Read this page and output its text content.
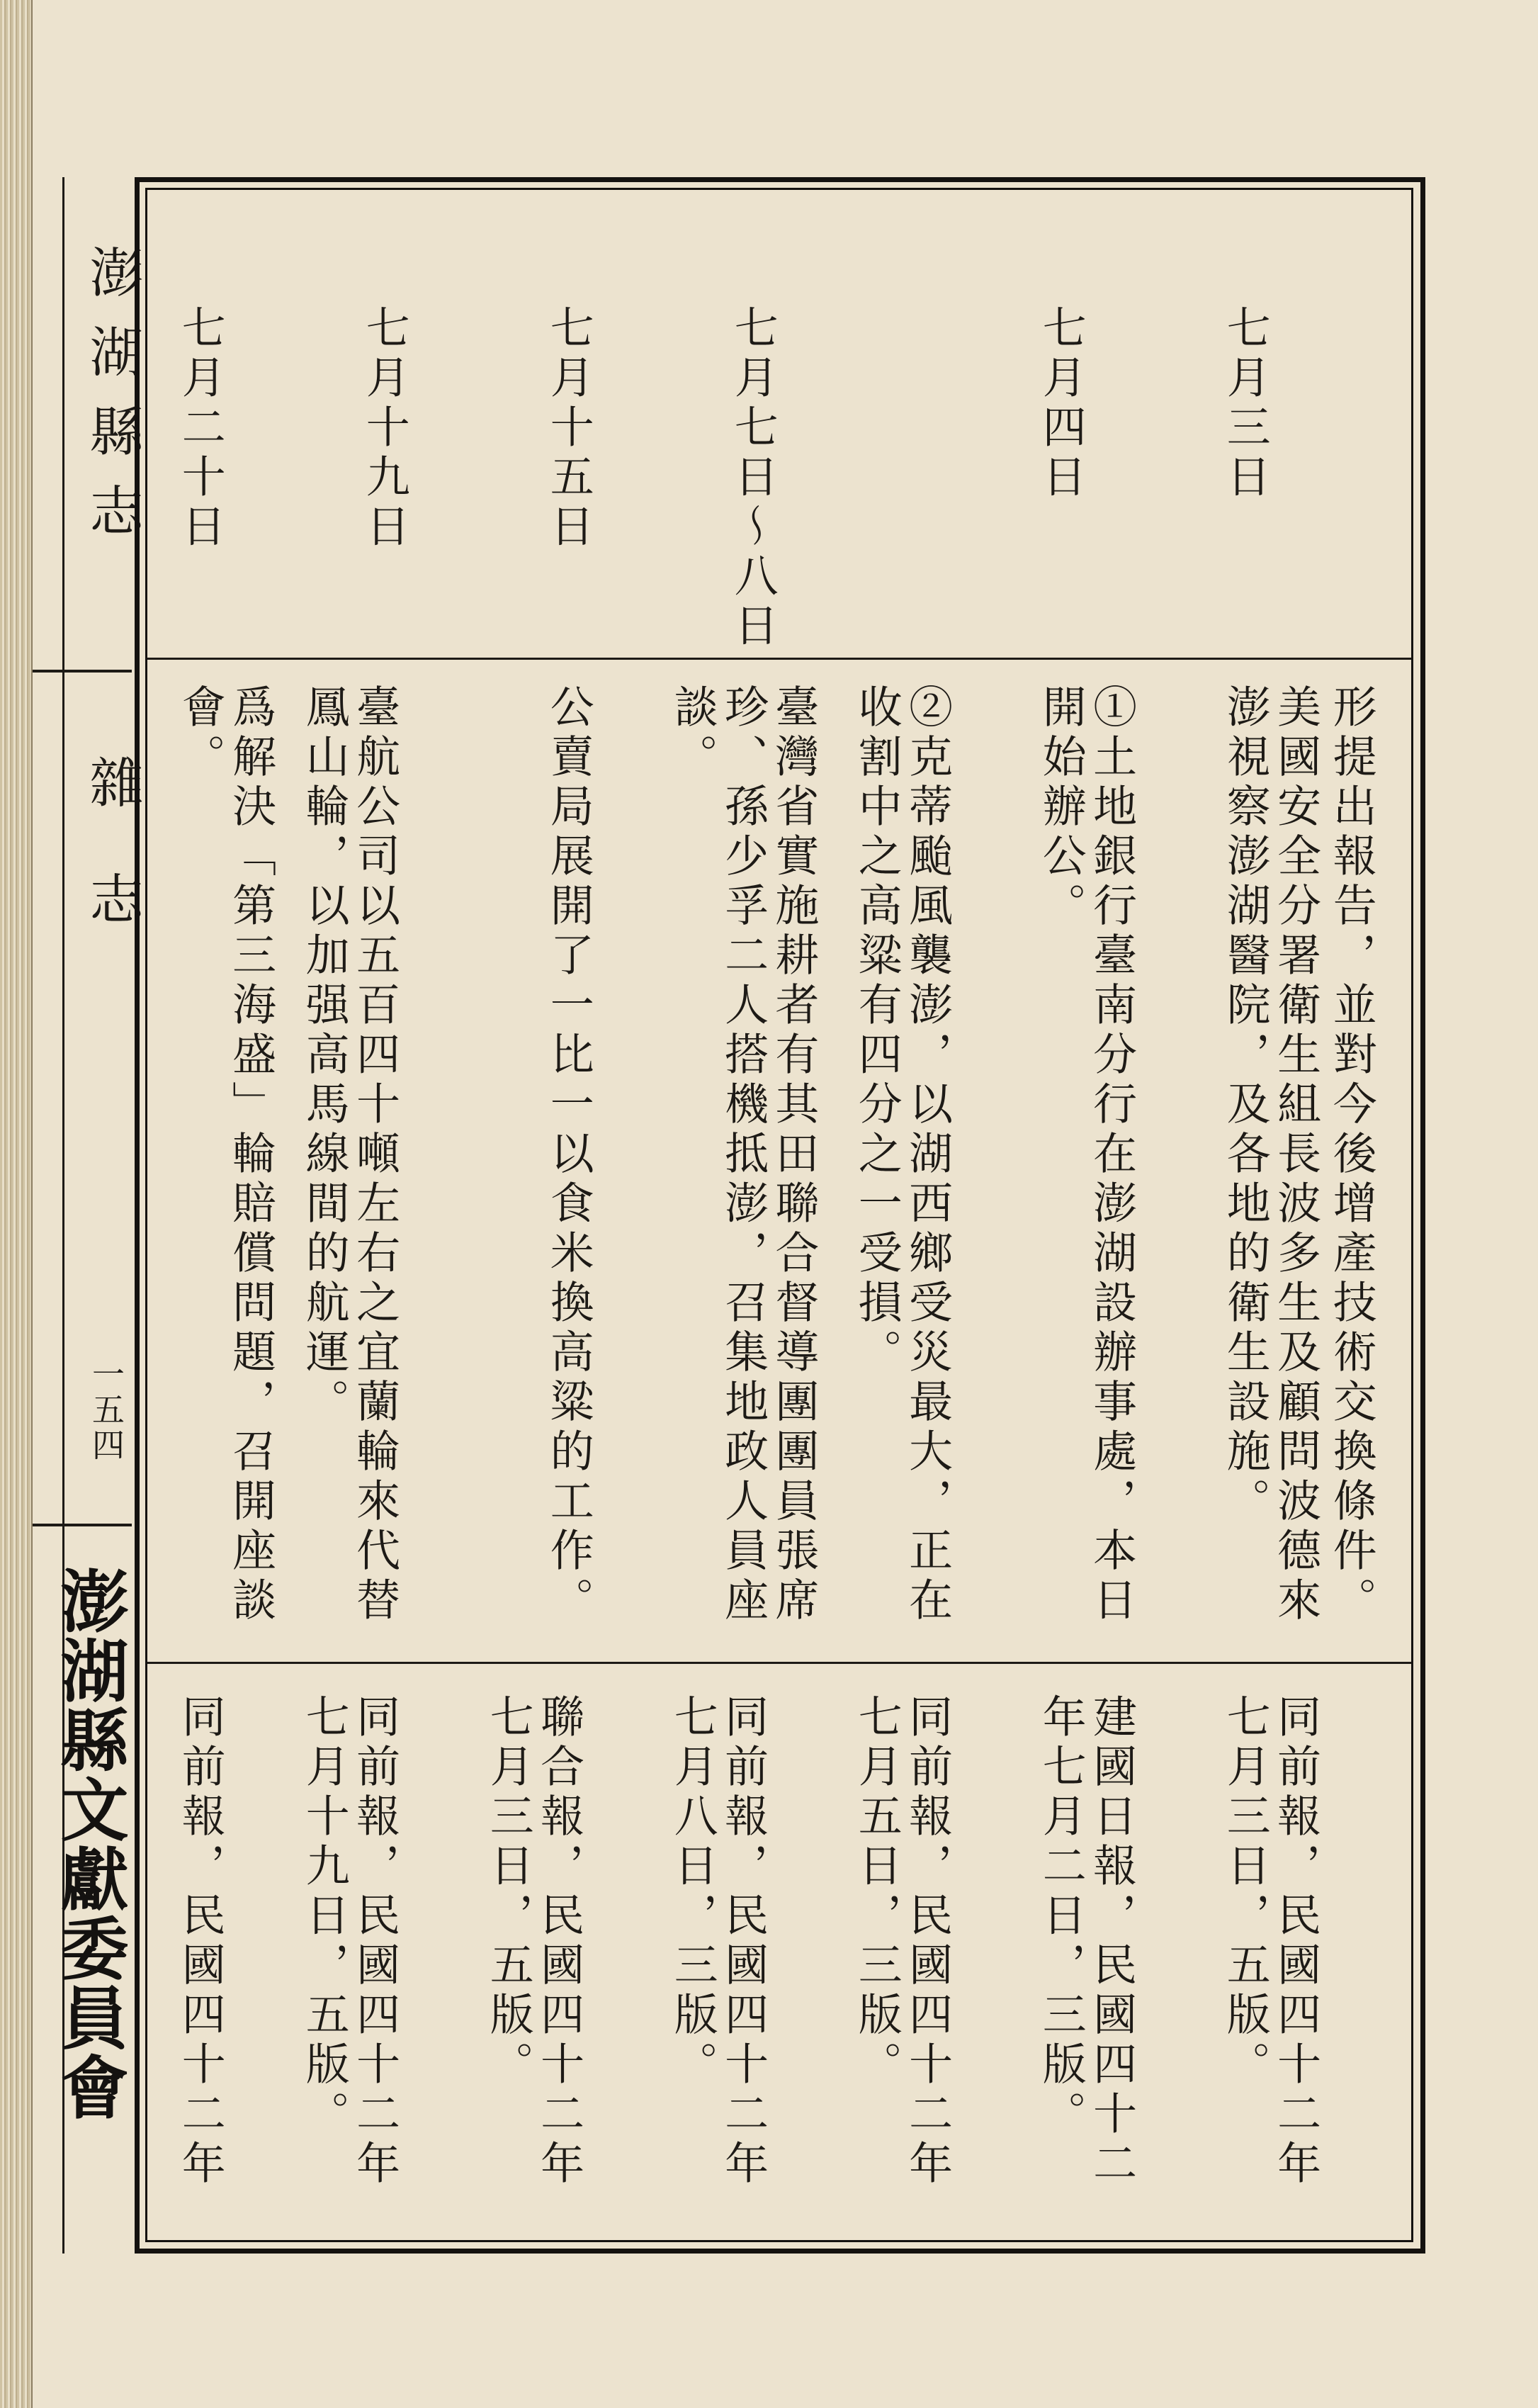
澎湖縣志
雜志
一五四
澎湖縣文獻委員會
形提出報告，並對今後增產技術交換條件。
七月三日
美國安全分署衛生組長波多生及顧問波德來澎視察澎湖醫院，及各地的衛生設施。
同前報，民國四十二年七月三日，五版。
七月四日
①土地銀行臺南分行在澎湖設辦事處，本日開始辦公。
建國日報，民國四十二年七月二日，三版。
②克蒂颱風襲澎，以湖西鄉受災最大，正在收割中之高粱有四分之一受損。
同前報，民國四十二年七月五日，三版。
七月七日～八日
臺灣省實施耕者有其田聯合督導團團員張席珍、孫少孚二人搭機抵澎，召集地政人員座談。
同前報，民國四十二年七月八日，三版。
七月十五日
公賣局展開了一比一以食米換高粱的工作。
聯合報，民國四十二年七月三日，五版。
七月十九日
臺航公司以五百四十噸左右之宜蘭輪來代替鳳山輪，以加强高馬線間的航運。
同前報，民國四十二年七月十九日，五版。
七月二十日
爲解決「第三海盛」輪賠償問題，召開座談會。
同前報，民國四十二年
